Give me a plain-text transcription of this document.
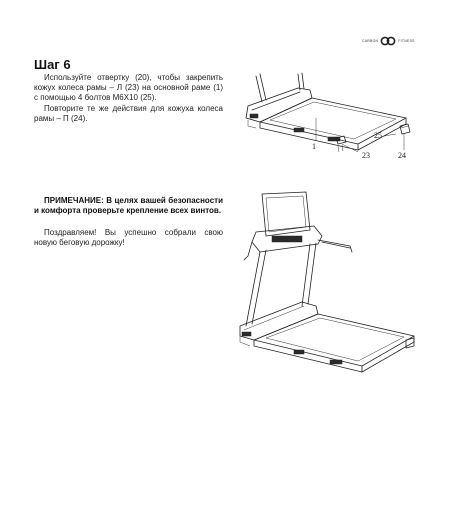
CARBON	FITNESS
Шаг 6

Используйте отвертку (20), чтобы закрепить кожух колеса рамы – Л (23) на основной раме (1) с помощью 4 болтов М6X10 (25).

Повторите те же действия для кожуха колеса рамы – П (24).

ПРИМЕЧАНИЕ: В целях вашей безопасности и комфорта проверьте крепление всех винтов.

Поздравляем! Вы успешно собрали свою новую беговую дорожку!

1
23
25
24
